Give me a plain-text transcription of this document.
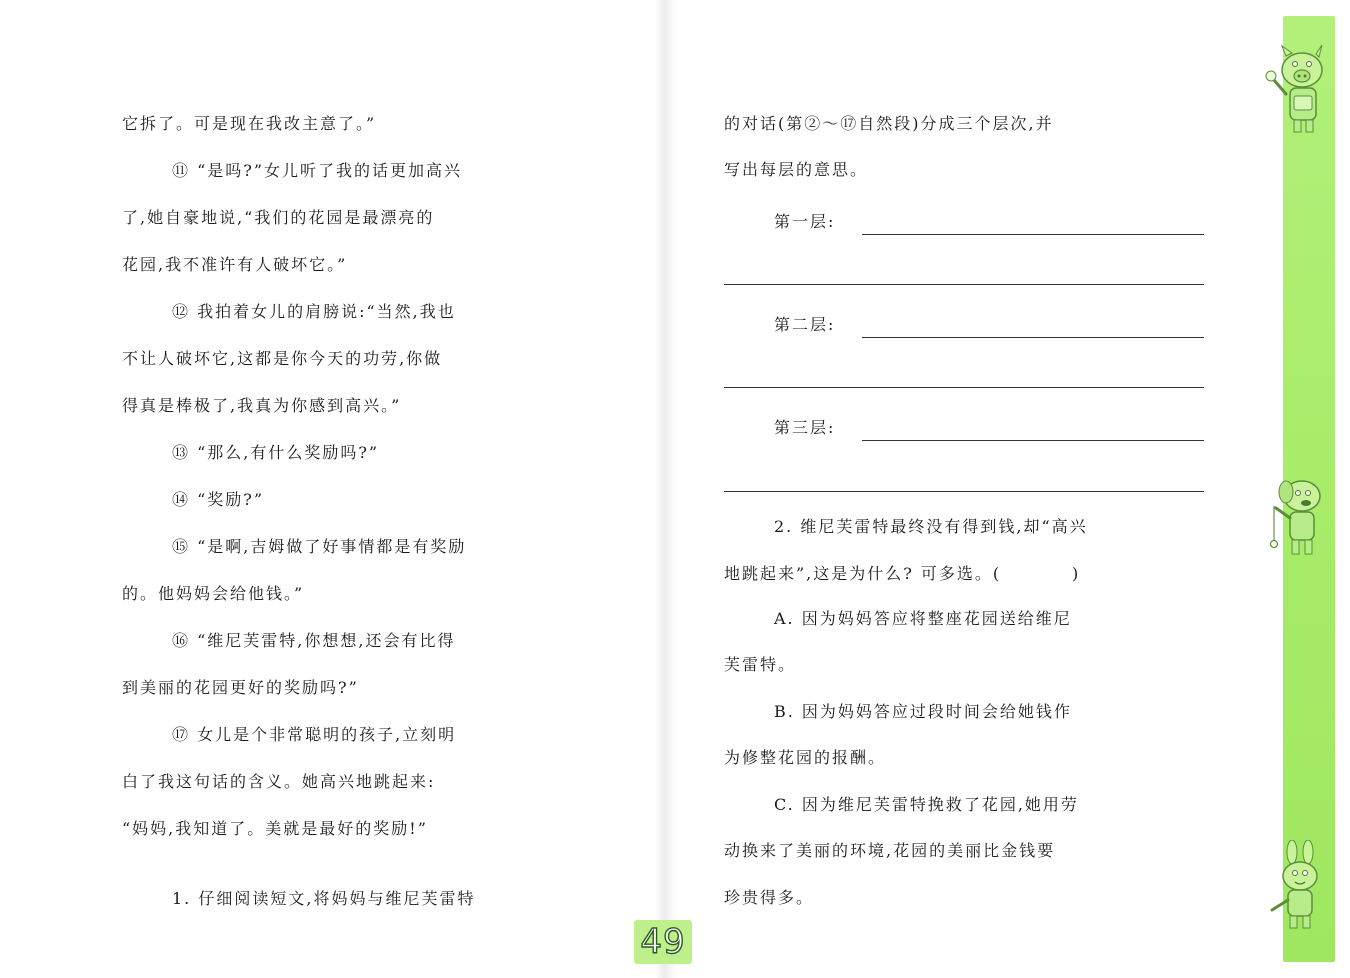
它拆了。可是现在我改主意了。”
⑪ “是吗?”女儿听了我的话更加高兴
了,她自豪地说,“我们的花园是最漂亮的
花园,我不准许有人破坏它。”
⑫ 我拍着女儿的肩膀说:“当然,我也
不让人破坏它,这都是你今天的功劳,你做
得真是棒极了,我真为你感到高兴。”
⑬ “那么,有什么奖励吗?”
⑭ “奖励?”
⑮ “是啊,吉姆做了好事情都是有奖励
的。他妈妈会给他钱。”
⑯ “维尼芙雷特,你想想,还会有比得
到美丽的花园更好的奖励吗?”
⑰ 女儿是个非常聪明的孩子,立刻明
白了我这句话的含义。她高兴地跳起来:
“妈妈,我知道了。美就是最好的奖励!”
1. 仔细阅读短文,将妈妈与维尼芙雷特
的对话(第②～⑰自然段)分成三个层次,并
写出每层的意思。
第一层:
第二层:
第三层:
2. 维尼芙雷特最终没有得到钱,却“高兴
地跳起来”,这是为什么? 可多选。(          )
A. 因为妈妈答应将整座花园送给维尼
芙雷特。
B. 因为妈妈答应过段时间会给她钱作
为修整花园的报酬。
C. 因为维尼芙雷特挽救了花园,她用劳
动换来了美丽的环境,花园的美丽比金钱要
珍贵得多。
49
